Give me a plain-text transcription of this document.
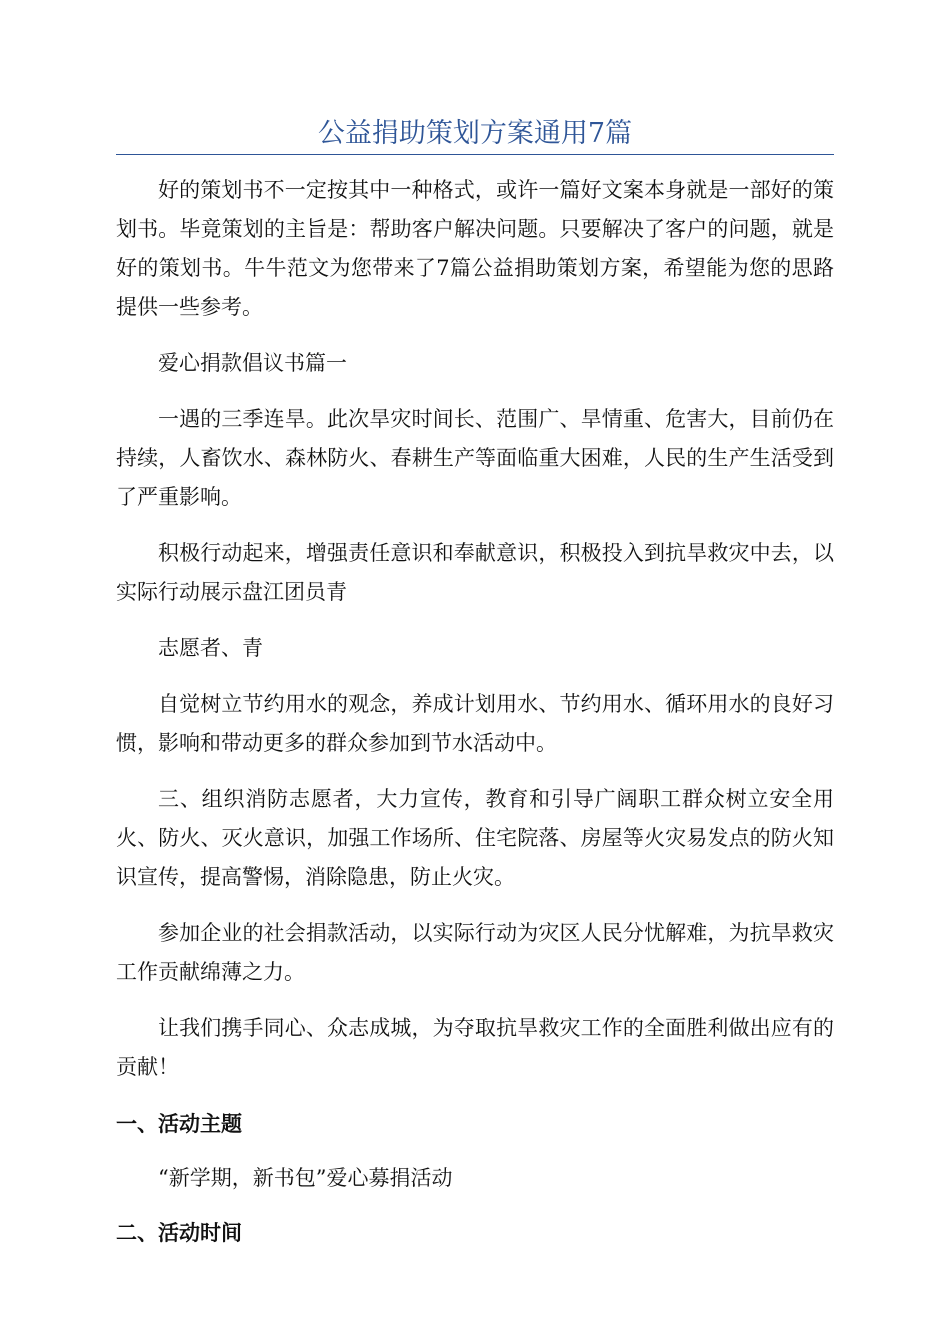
公益捐助策划方案通用7篇

好的策划书不一定按其中一种格式，或许一篇好文案本身就是一部好的策划书。毕竟策划的主旨是：帮助客户解决问题。只要解决了客户的问题，就是好的策划书。牛牛范文为您带来了7篇公益捐助策划方案，希望能为您的思路提供一些参考。

爱心捐款倡议书篇一

一遇的三季连旱。此次旱灾时间长、范围广、旱情重、危害大，目前仍在持续，人畜饮水、森林防火、春耕生产等面临重大困难，人民的生产生活受到了严重影响。

积极行动起来，增强责任意识和奉献意识，积极投入到抗旱救灾中去，以实际行动展示盘江团员青

志愿者、青

自觉树立节约用水的观念，养成计划用水、节约用水、循环用水的良好习惯，影响和带动更多的群众参加到节水活动中。

三、组织消防志愿者，大力宣传，教育和引导广阔职工群众树立安全用火、防火、灭火意识，加强工作场所、住宅院落、房屋等火灾易发点的防火知识宣传，提高警惕，消除隐患，防止火灾。

参加企业的社会捐款活动，以实际行动为灾区人民分忧解难，为抗旱救灾工作贡献绵薄之力。

让我们携手同心、众志成城，为夺取抗旱救灾工作的全面胜利做出应有的贡献！

一、活动主题

“新学期，新书包”爱心募捐活动

二、活动时间
